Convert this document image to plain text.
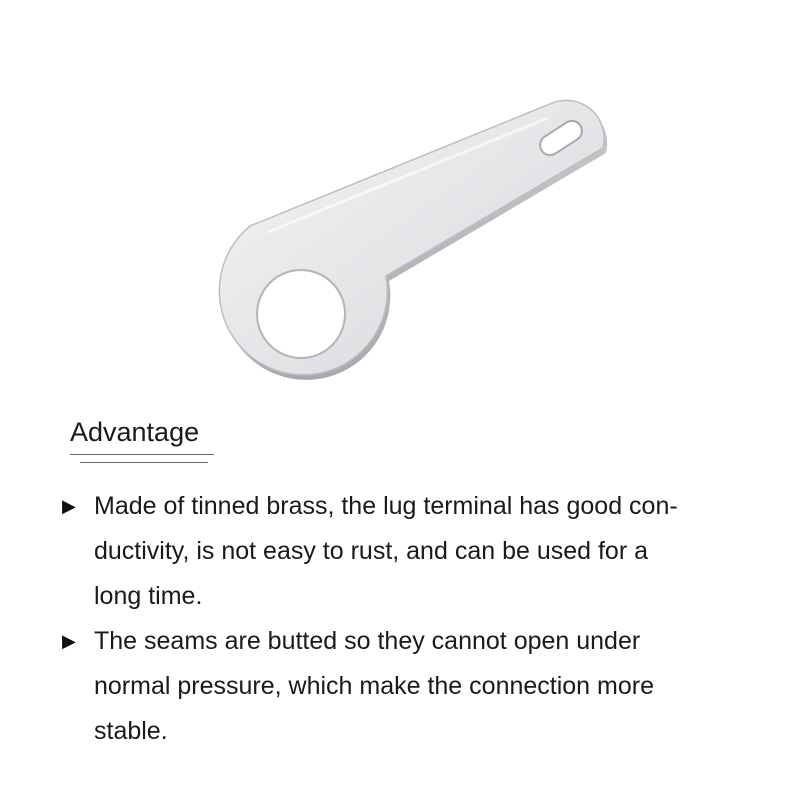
Advantage
▶ Made of tinned brass, the lug terminal has good con-
ductivity, is not easy to rust, and can be used for a
long time.
▶ The seams are butted so they cannot open under
normal pressure, which make the connection more
stable.
